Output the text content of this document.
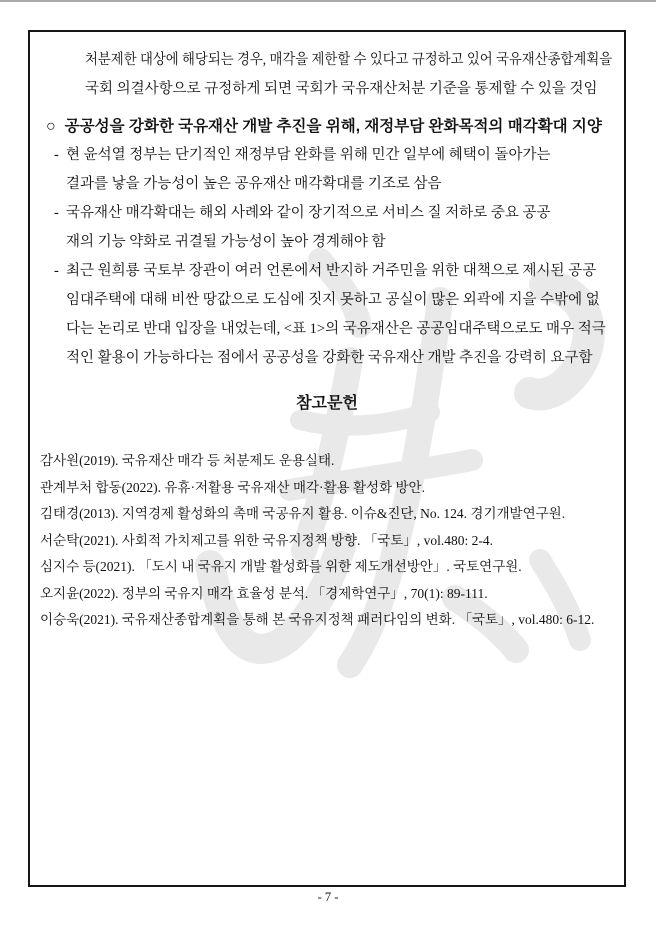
처분제한 대상에 해당되는 경우, 매각을 제한할 수 있다고 규정하고 있어 국유재산종합계획을
국회 의결사항으로 규정하게 되면 국회가 국유재산처분 기준을 통제할 수 있을 것임
○ 공공성을 강화한 국유재산 개발 추진을 위해, 재정부담 완화목적의 매각확대 지양
- 현 윤석열 정부는 단기적인 재정부담 완화를 위해 민간 일부에 혜택이 돌아가는
결과를 낳을 가능성이 높은 공유재산 매각확대를 기조로 삼음
- 국유재산 매각확대는 해외 사례와 같이 장기적으로 서비스 질 저하로 중요 공공
재의 기능 약화로 귀결될 가능성이 높아 경계해야 함
- 최근 원희룡 국토부 장관이 여러 언론에서 반지하 거주민을 위한 대책으로 제시된 공공
임대주택에 대해 비싼 땅값으로 도심에 짓지 못하고 공실이 많은 외곽에 지을 수밖에 없
다는 논리로 반대 입장을 내었는데, <표 1>의 국유재산은 공공임대주택으로도 매우 적극
적인 활용이 가능하다는 점에서 공공성을 강화한 국유재산 개발 추진을 강력히 요구함
참고문헌
감사원(2019). 국유재산 매각 등 처분제도 운용실태.
관계부처 합동(2022). 유휴·저활용 국유재산 매각·활용 활성화 방안.
김태경(2013). 지역경제 활성화의 촉매 국공유지 활용. 이슈&진단, No. 124. 경기개발연구원.
서순탁(2021). 사회적 가치제고를 위한 국유지정책 방향. 「국토」, vol.480: 2-4.
심지수 등(2021). 「도시 내 국유지 개발 활성화를 위한 제도개선방안」. 국토연구원.
오지윤(2022). 정부의 국유지 매각 효율성 분석. 「경제학연구」, 70(1): 89-111.
이승욱(2021). 국유재산종합계획을 통해 본 국유지정책 패러다임의 변화. 「국토」, vol.480: 6-12.
- 7 -
